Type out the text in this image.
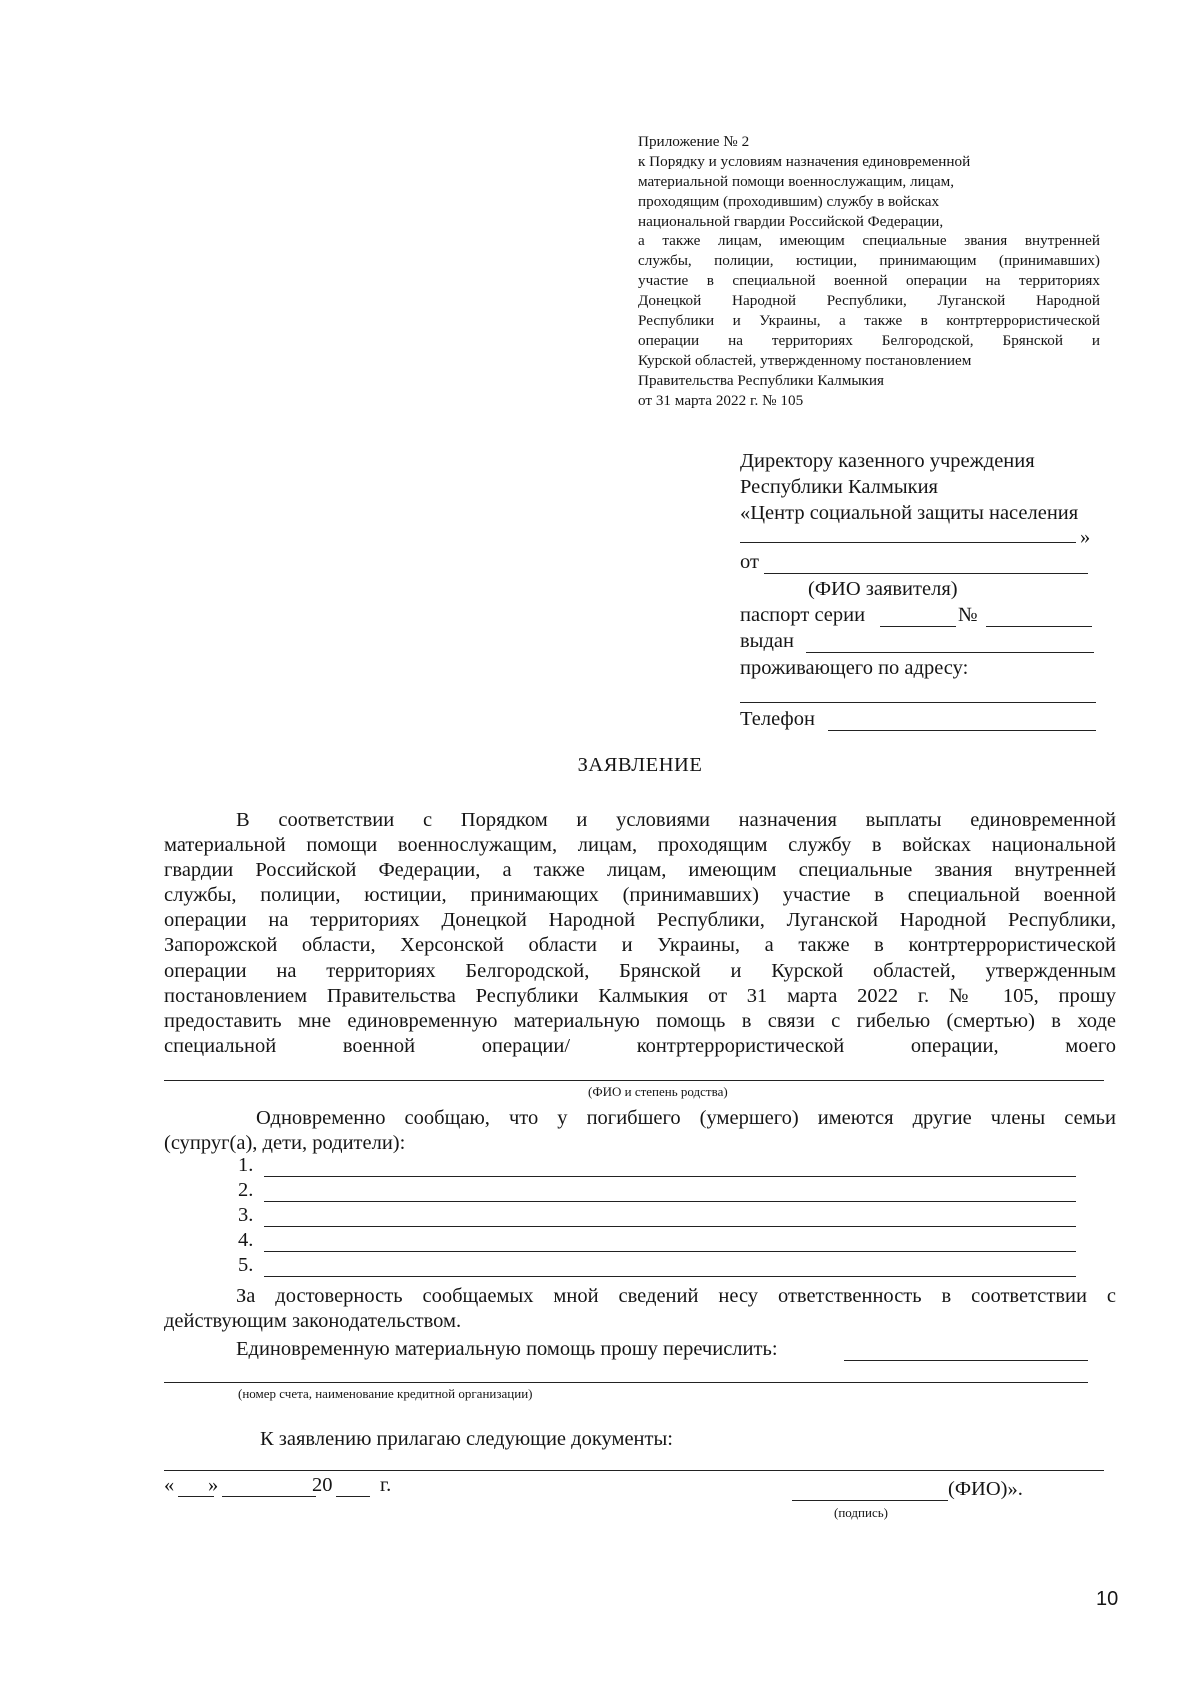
Приложение № 2
к Порядку и условиям назначения единовременной
материальной помощи военнослужащим, лицам,
проходящим (проходившим) службу в войсках
национальной гвардии Российской Федерации,
а также лицам, имеющим специальные звания внутренней
службы, полиции, юстиции, принимающим (принимавших)
участие в специальной военной операции на территориях
Донецкой Народной Республики, Луганской Народной
Республики и Украины, а также в контртеррористической
операции на территориях Белгородской, Брянской и
Курской областей, утвержденному постановлением
Правительства Республики Калмыкия
от 31 марта 2022 г. № 105
Директору казенного учреждения
Республики Калмыкия
«Центр социальной защиты населения
»
от
(ФИО заявителя)
паспорт серии	№
выдан
проживающего по адресу:
Телефон
ЗАЯВЛЕНИЕ
В соответствии с Порядком и условиями назначения выплаты единовременной
материальной помощи военнослужащим, лицам, проходящим службу в войсках национальной
гвардии Российской Федерации, а также лицам, имеющим специальные звания внутренней
службы, полиции, юстиции, принимающих (принимавших) участие в специальной военной
операции на территориях Донецкой Народной Республики, Луганской Народной Республики,
Запорожской области, Херсонской области и Украины, а также в контртеррористической
операции на территориях Белгородской, Брянской и Курской областей, утвержденным
постановлением Правительства Республики Калмыкия от 31 марта 2022 г. № 105, прошу
предоставить мне единовременную материальную помощь в связи с гибелью (смертью) в ходе
специальной военной операции/ контртеррористической операции, моего
(ФИО и степень родства)
Одновременно сообщаю, что у погибшего (умершего) имеются другие члены семьи
(супруг(а), дети, родители):
1.
2.
3.
4.
5.
За достоверность сообщаемых мной сведений несу ответственность в соответствии с
действующим законодательством.
Единовременную материальную помощь прошу перечислить:
(номер счета, наименование кредитной организации)
К заявлению прилагаю следующие документы:
« »	20 г.	(ФИО)».
(подпись)
10
